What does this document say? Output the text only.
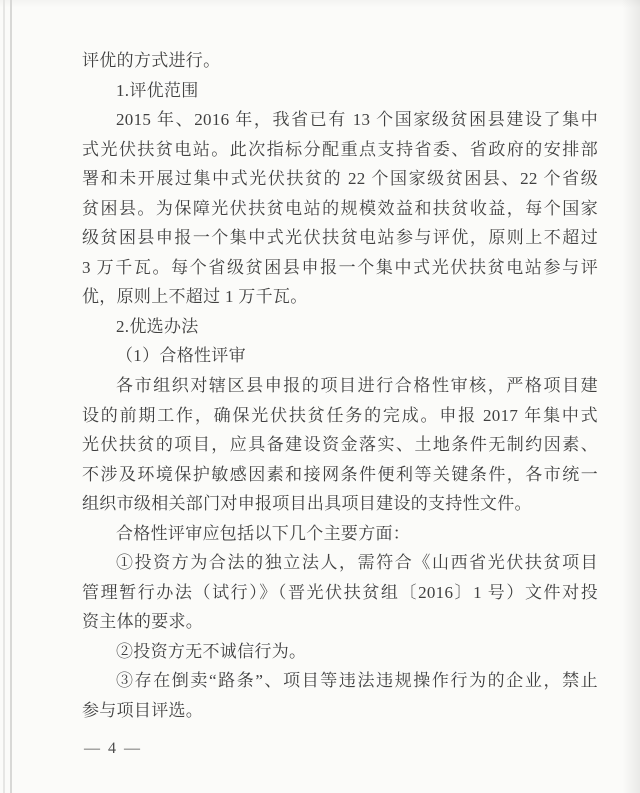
评优的方式进行。
1.评优范围
2015 年、2016 年，我省已有 13 个国家级贫困县建设了集中
式光伏扶贫电站。此次指标分配重点支持省委、省政府的安排部
署和未开展过集中式光伏扶贫的 22 个国家级贫困县、22 个省级
贫困县。为保障光伏扶贫电站的规模效益和扶贫收益，每个国家
级贫困县申报一个集中式光伏扶贫电站参与评优，原则上不超过
3 万千瓦。每个省级贫困县申报一个集中式光伏扶贫电站参与评
优，原则上不超过 1 万千瓦。
2.优选办法
（1）合格性评审
各市组织对辖区县申报的项目进行合格性审核，严格项目建
设的前期工作，确保光伏扶贫任务的完成。申报 2017 年集中式
光伏扶贫的项目，应具备建设资金落实、土地条件无制约因素、
不涉及环境保护敏感因素和接网条件便利等关键条件，各市统一
组织市级相关部门对申报项目出具项目建设的支持性文件。
合格性评审应包括以下几个主要方面：
①投资方为合法的独立法人，需符合《山西省光伏扶贫项目
管理暂行办法（试行）》（晋光伏扶贫组〔2016〕1 号）文件对投
资主体的要求。
②投资方无不诚信行为。
③存在倒卖“路条”、项目等违法违规操作行为的企业，禁止
参与项目评选。
— 4 —
